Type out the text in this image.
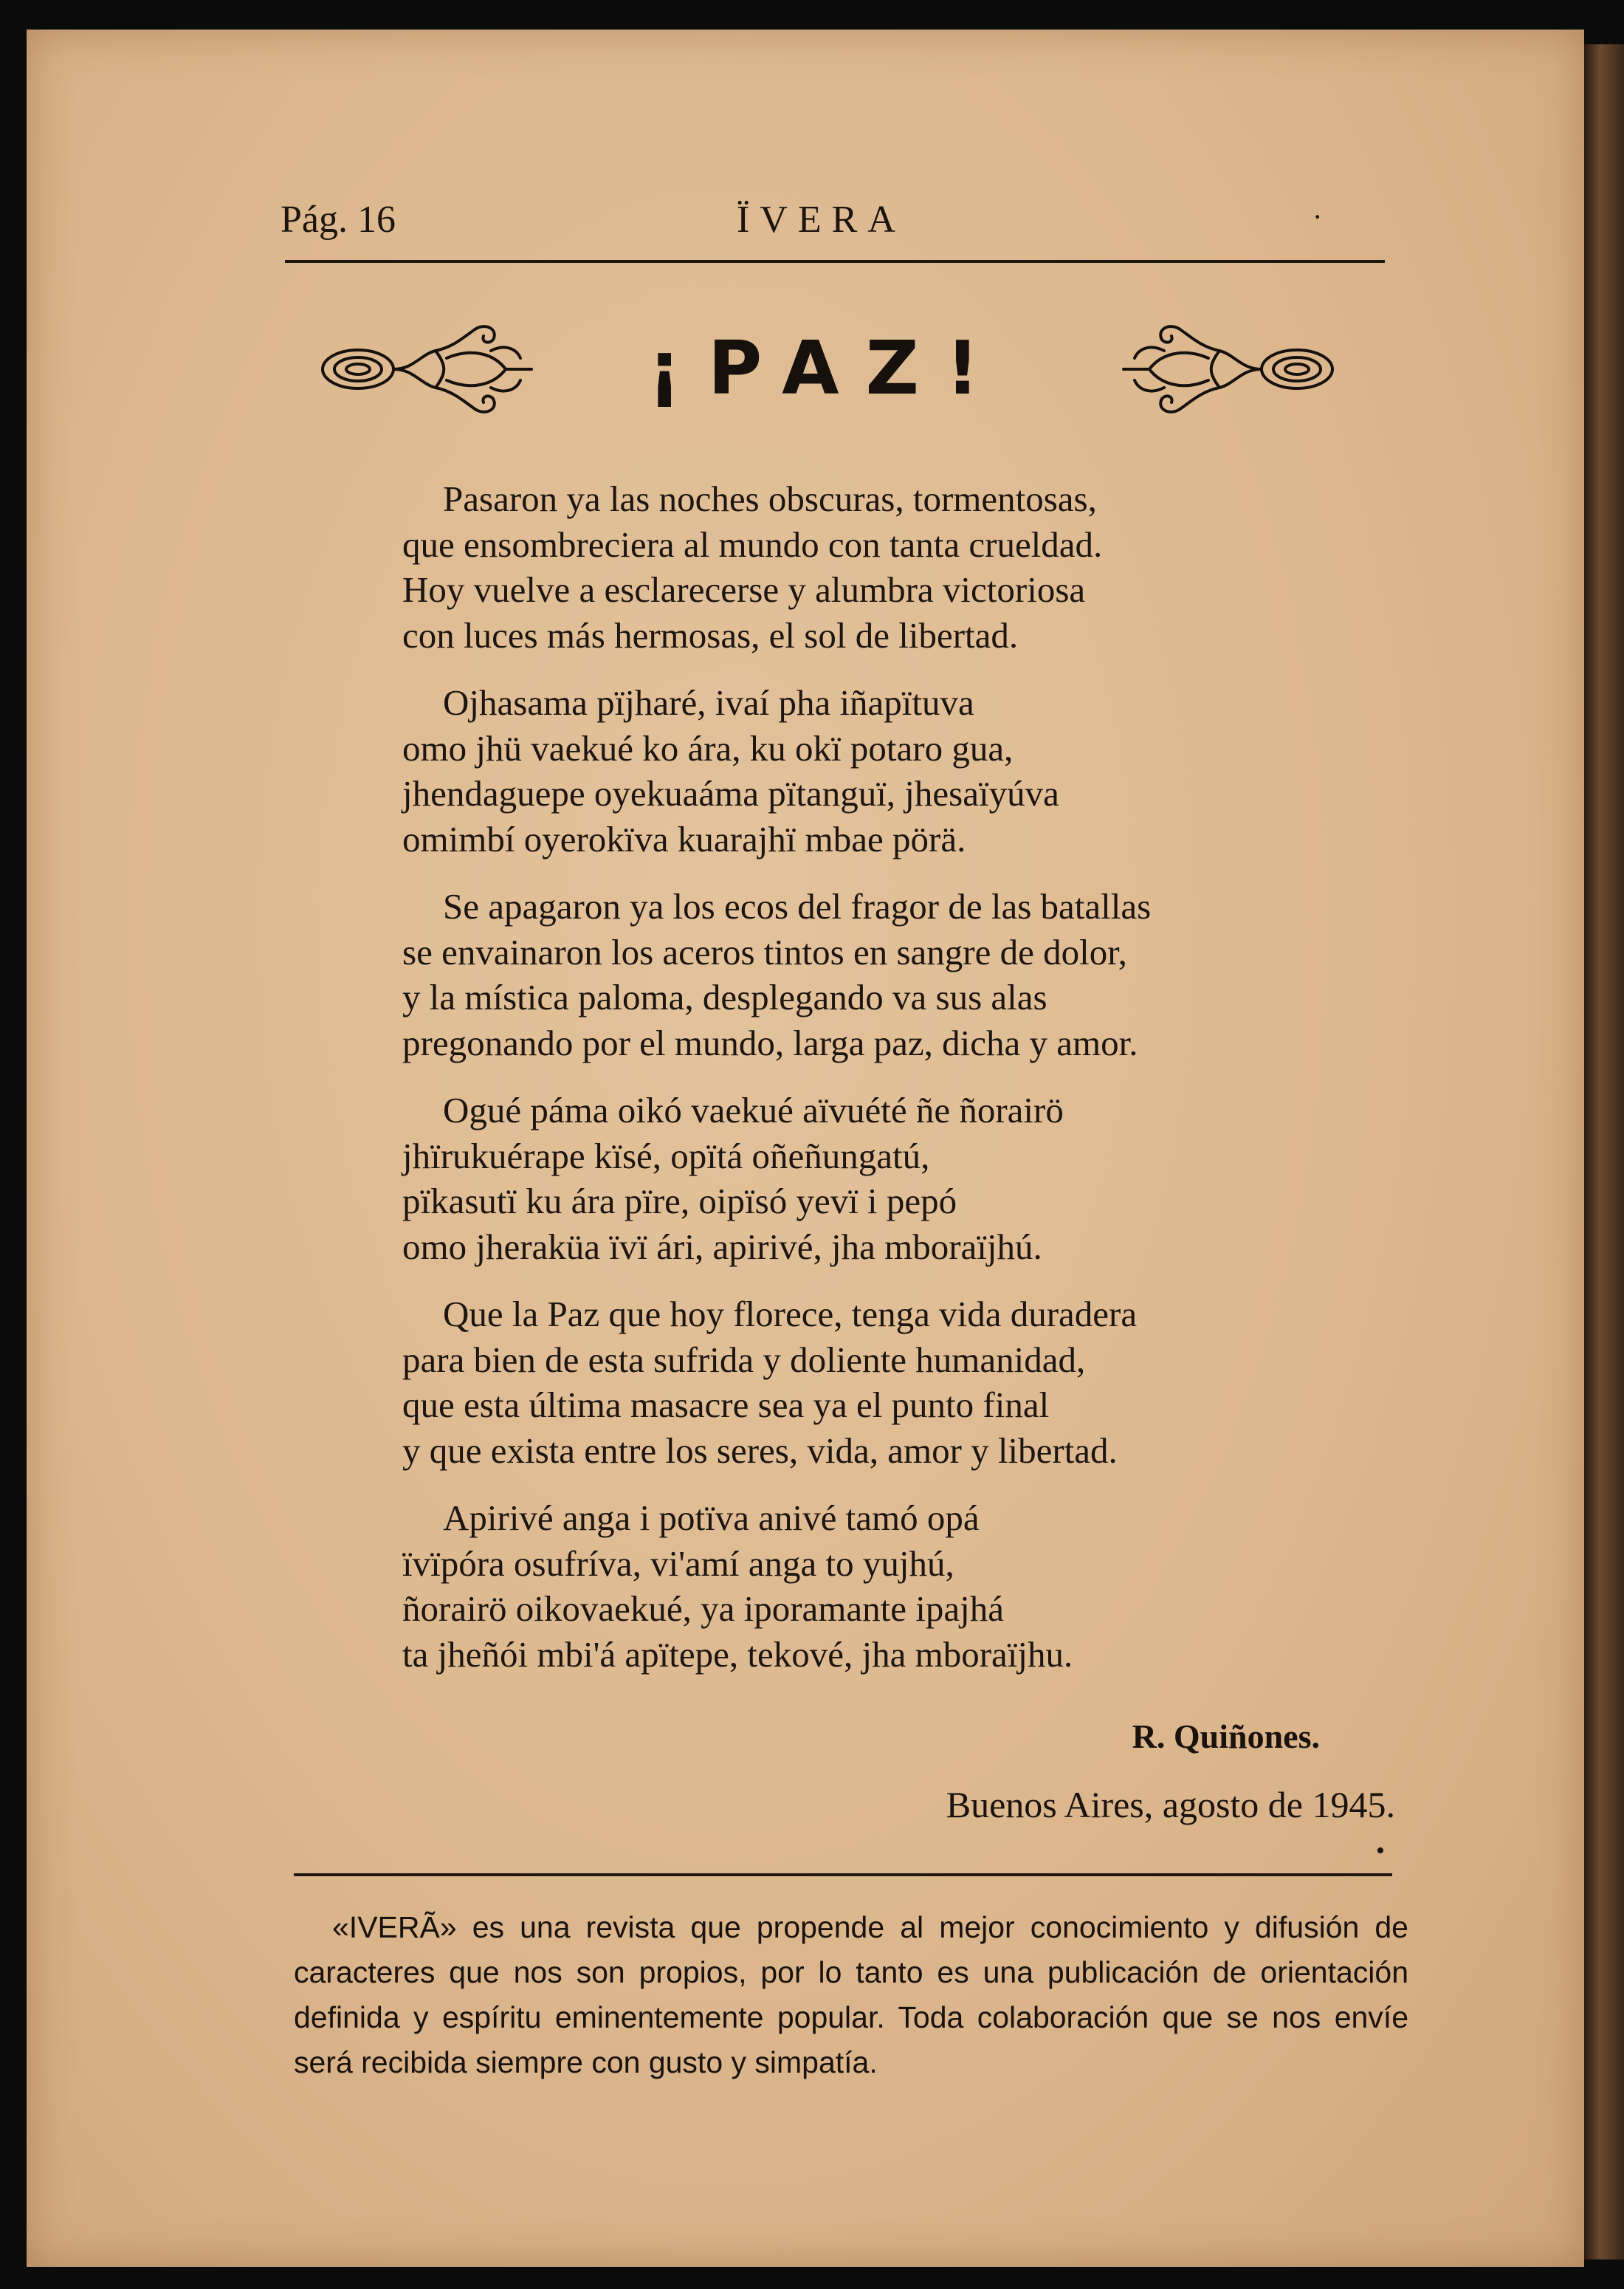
Pág. 16	ÏVERA	·
¡PAZ!
Pasaron ya las noches obscuras, tormentosas,
que ensombreciera al mundo con tanta crueldad.
Hoy vuelve a esclarecerse y alumbra victoriosa
con luces más hermosas, el sol de libertad.
Ojhasama pïjharé, ivaí pha iñapïtuva
omo jhü vaekué ko ára, ku okï potaro gua,
jhendaguepe oyekuaáma pïtanguï, jhesaïyúva
omimbí oyerokïva kuarajhï mbae pörä.
Se apagaron ya los ecos del fragor de las batallas
se envainaron los aceros tintos en sangre de dolor,
y la mística paloma, desplegando va sus alas
pregonando por el mundo, larga paz, dicha y amor.
Ogué páma oikó vaekué aïvuété ñe ñorairö
jhïrukuérape kïsé, opïtá oñeñungatú,
pïkasutï ku ára pïre, oipïsó yevï i pepó
omo jheraküa ïvï ári, apirivé, jha mboraïjhú.
Que la Paz que hoy florece, tenga vida duradera
para bien de esta sufrida y doliente humanidad,
que esta última masacre sea ya el punto final
y que exista entre los seres, vida, amor y libertad.
Apirivé anga i potïva anivé tamó opá
ïvïpóra osufríva, vi'amí anga to yujhú,
ñorairö oikovaekué, ya iporamante ipajhá
ta jheñói mbi'á apïtepe, tekové, jha mboraïjhu.
R. Quiñones.
Buenos Aires, agosto de 1945.
•
«IVERÃ» es una revista que propende al mejor conocimiento y difusión de caracteres que nos son propios, por lo tanto es una publicación de orientación definida y espíritu eminentemente popular. Toda colaboración que se nos envíe será recibida siempre con gusto y simpatía.
